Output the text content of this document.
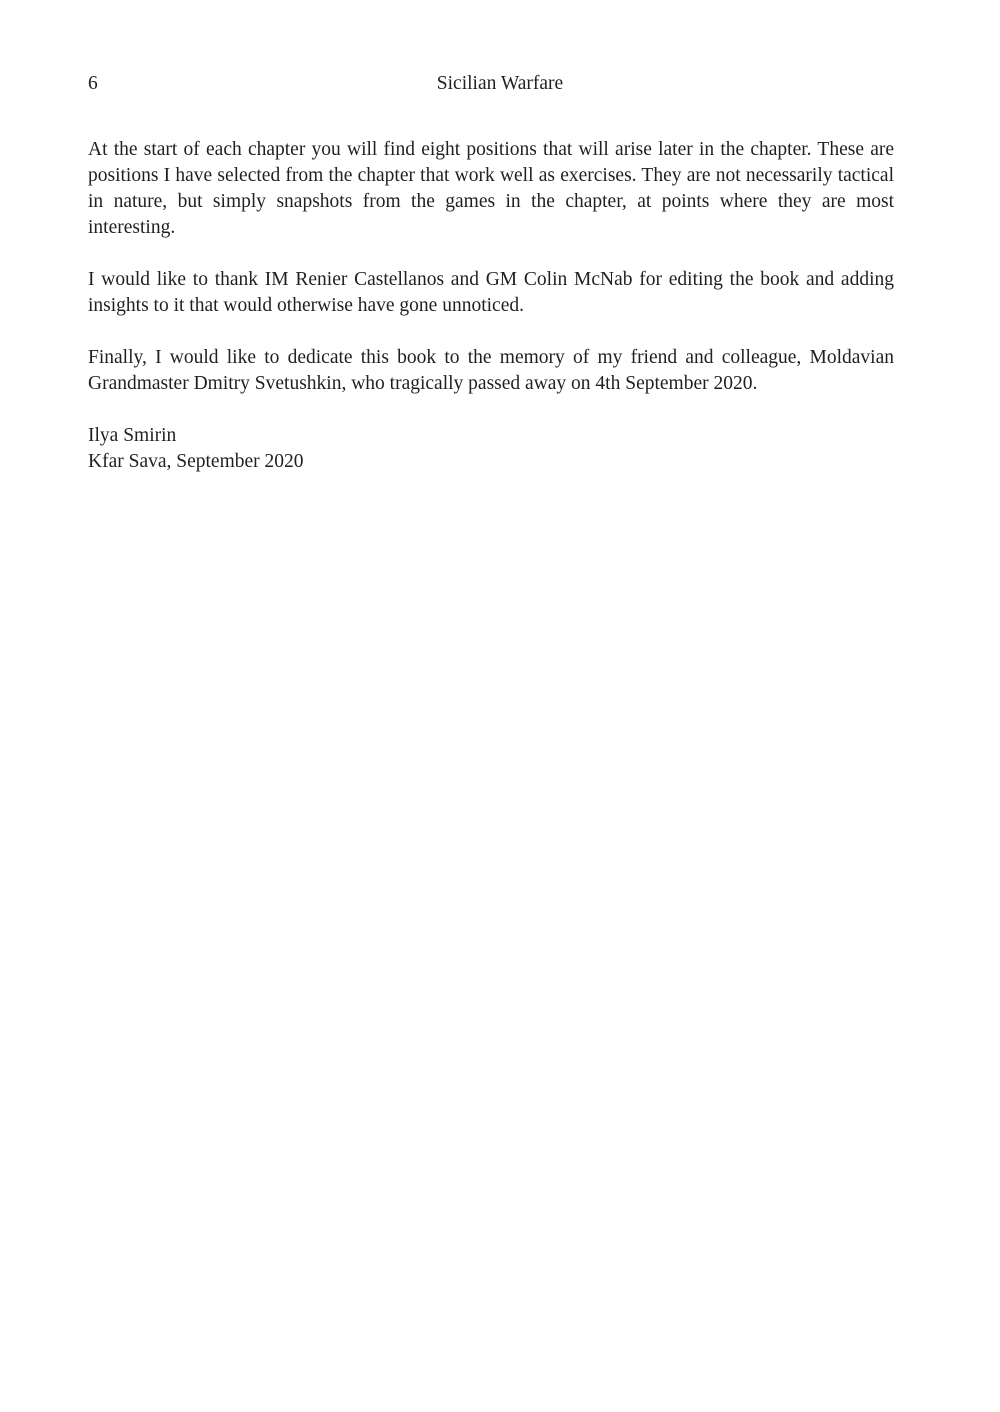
6	Sicilian Warfare

At the start of each chapter you will find eight positions that will arise later in the chapter. These are positions I have selected from the chapter that work well as exercises. They are not necessarily tactical in nature, but simply snapshots from the games in the chapter, at points where they are most interesting.

I would like to thank IM Renier Castellanos and GM Colin McNab for editing the book and adding insights to it that would otherwise have gone unnoticed.

Finally, I would like to dedicate this book to the memory of my friend and colleague, Moldavian Grandmaster Dmitry Svetushkin, who tragically passed away on 4th September 2020.

Ilya Smirin
Kfar Sava, September 2020
